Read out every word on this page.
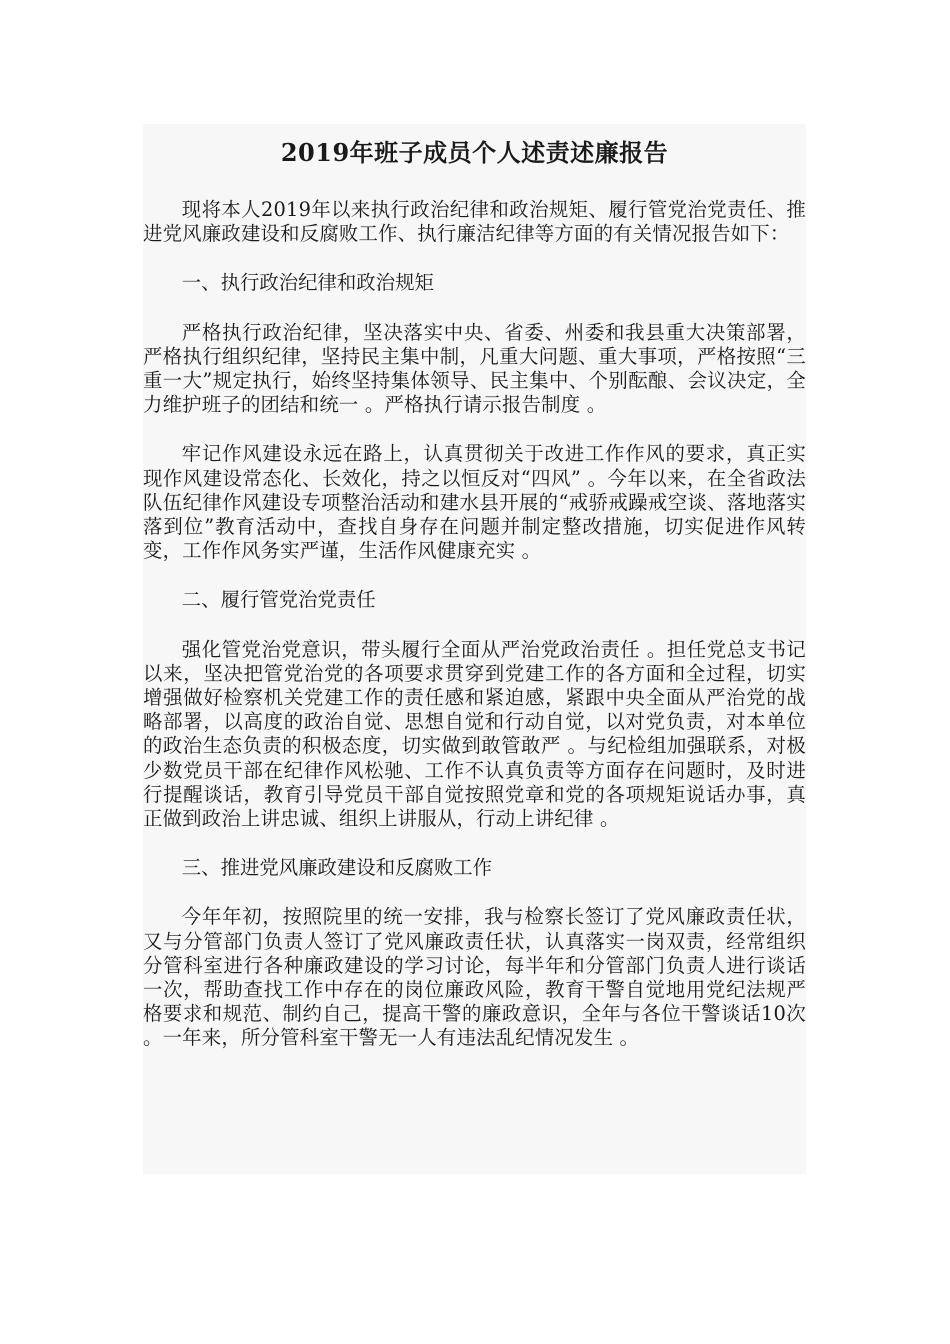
2019年班子成员个人述责述廉报告

现将本人2019年以来执行政治纪律和政治规矩、履行管党治党责任、推进党风廉政建设和反腐败工作、执行廉洁纪律等方面的有关情况报告如下：

一、执行政治纪律和政治规矩

严格执行政治纪律，坚决落实中央、省委、州委和我县重大决策部署，严格执行组织纪律，坚持民主集中制，凡重大问题、重大事项，严格按照“三重一大”规定执行，始终坚持集体领导、民主集中、个别酝酿、会议决定，全力维护班子的团结和统一 。严格执行请示报告制度 。

牢记作风建设永远在路上，认真贯彻关于改进工作作风的要求，真正实现作风建设常态化、长效化，持之以恒反对“四风” 。今年以来，在全省政法队伍纪律作风建设专项整治活动和建水县开展的“戒骄戒躁戒空谈、落地落实落到位”教育活动中，查找自身存在问题并制定整改措施，切实促进作风转变，工作作风务实严谨，生活作风健康充实 。

二、履行管党治党责任

强化管党治党意识，带头履行全面从严治党政治责任 。担任党总支书记以来，坚决把管党治党的各项要求贯穿到党建工作的各方面和全过程，切实增强做好检察机关党建工作的责任感和紧迫感，紧跟中央全面从严治党的战略部署，以高度的政治自觉、思想自觉和行动自觉，以对党负责，对本单位的政治生态负责的积极态度，切实做到敢管敢严 。与纪检组加强联系，对极少数党员干部在纪律作风松驰、工作不认真负责等方面存在问题时，及时进行提醒谈话，教育引导党员干部自觉按照党章和党的各项规矩说话办事，真正做到政治上讲忠诚、组织上讲服从，行动上讲纪律 。

三、推进党风廉政建设和反腐败工作

今年年初，按照院里的统一安排，我与检察长签订了党风廉政责任状，又与分管部门负责人签订了党风廉政责任状，认真落实一岗双责，经常组织分管科室进行各种廉政建设的学习讨论，每半年和分管部门负责人进行谈话一次，帮助查找工作中存在的岗位廉政风险，教育干警自觉地用党纪法规严格要求和规范、制约自己，提高干警的廉政意识，全年与各位干警谈话10次 。一年来，所分管科室干警无一人有违法乱纪情况发生 。
